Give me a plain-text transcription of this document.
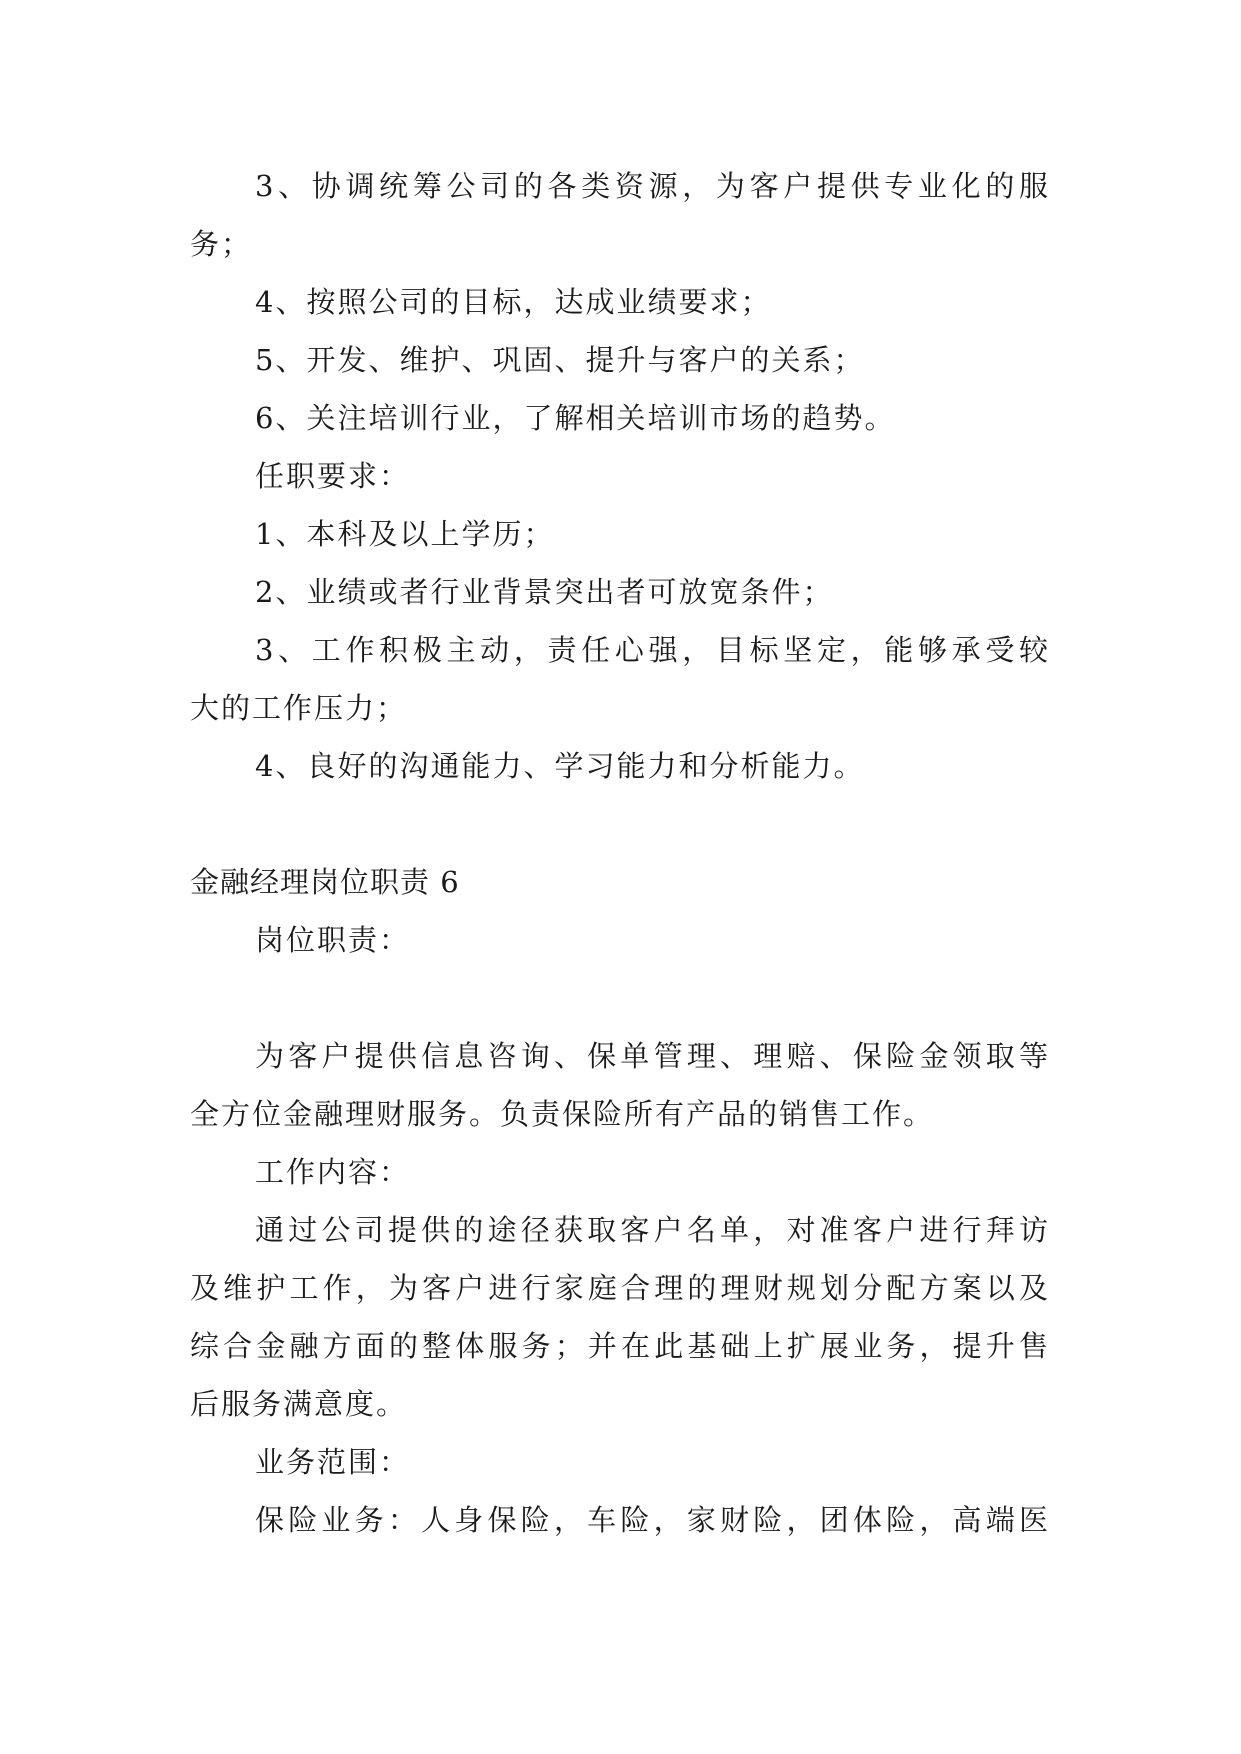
3、协调统筹公司的各类资源，为客户提供专业化的服
务；
4、按照公司的目标，达成业绩要求；
5、开发、维护、巩固、提升与客户的关系；
6、关注培训行业，了解相关培训市场的趋势。
任职要求：
1、本科及以上学历；
2、业绩或者行业背景突出者可放宽条件；
3、工作积极主动，责任心强，目标坚定，能够承受较
大的工作压力；
4、良好的沟通能力、学习能力和分析能力。
金融经理岗位职责 6
岗位职责：
为客户提供信息咨询、保单管理、理赔、保险金领取等
全方位金融理财服务。负责保险所有产品的销售工作。
工作内容：
通过公司提供的途径获取客户名单，对准客户进行拜访
及维护工作，为客户进行家庭合理的理财规划分配方案以及
综合金融方面的整体服务；并在此基础上扩展业务，提升售
后服务满意度。
业务范围：
保险业务：人身保险，车险，家财险，团体险，高端医
